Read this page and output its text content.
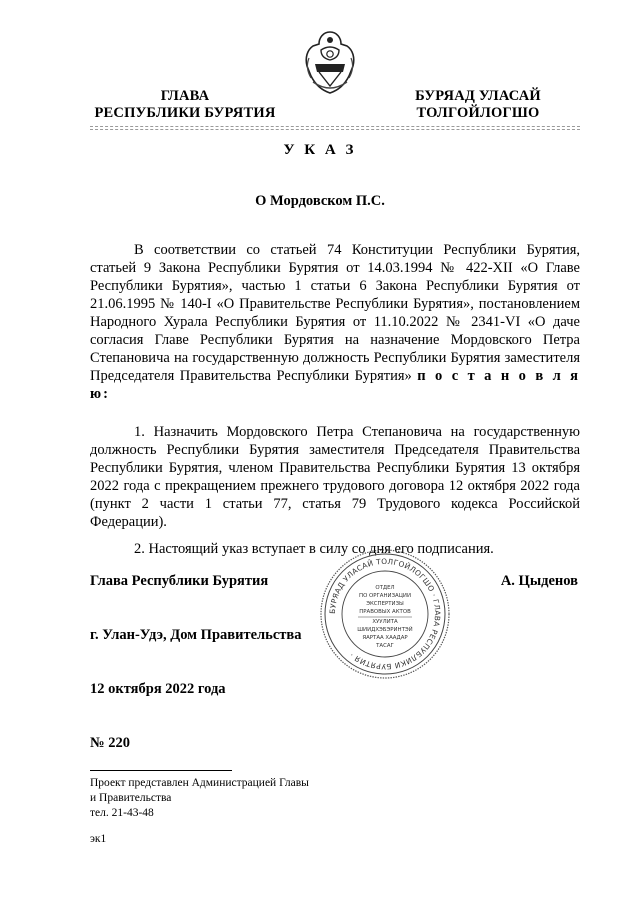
ГЛАВА
РЕСПУБЛИКИ БУРЯТИЯ
БУРЯАД УЛАСАЙ
ТОЛГОЙЛОГШО
У К А З
О Мордовском П.С.
В соответствии со статьей 74 Конституции Республики Бурятия, статьей 9 Закона Республики Бурятия от 14.03.1994 № 422-XII «О Главе Республики Бурятия», частью 1 статьи 6 Закона Республики Бурятия от 21.06.1995 № 140-I «О Правительстве Республики Бурятия», постановлением Народного Хурала Республики Бурятия от 11.10.2022 № 2341-VI «О даче согласия Главе Республики Бурятия на назначение Мордовского Петра Степановича на государственную должность Республики Бурятия заместителя Председателя Правительства Республики Бурятия» п о с т а н о в л я ю:
1. Назначить Мордовского Петра Степановича на государственную должность Республики Бурятия заместителя Председателя Правительства Республики Бурятия, членом Правительства Республики Бурятия 13 октября 2022 года с прекращением прежнего трудового договора 12 октября 2022 года (пункт 2 части 1 статьи 77, статья 79 Трудового кодекса Российской Федерации).
2. Настоящий указ вступает в силу со дня его подписания.
Глава Республики Бурятия	А. Цыденов
БУРЯАД УЛАСАЙ ТОЛГОЙЛОГШО · ГЛАВА РЕСПУБЛИКИ БУРЯТИЯ ·
ОТДЕЛ
ПО ОРГАНИЗАЦИИ
ЭКСПЕРТИЗЫ
ПРАВОВЫХ АКТОВ
ХУУЛИТА
ШИИДХЭБЭРИНТЭЙ
ЯАРТАА ХААДАР
ТАСАГ
г. Улан-Удэ, Дом Правительства
12 октября 2022 года
№ 220
Проект представлен Администрацией Главы
и Правительства
тел. 21-43-48
эк1
